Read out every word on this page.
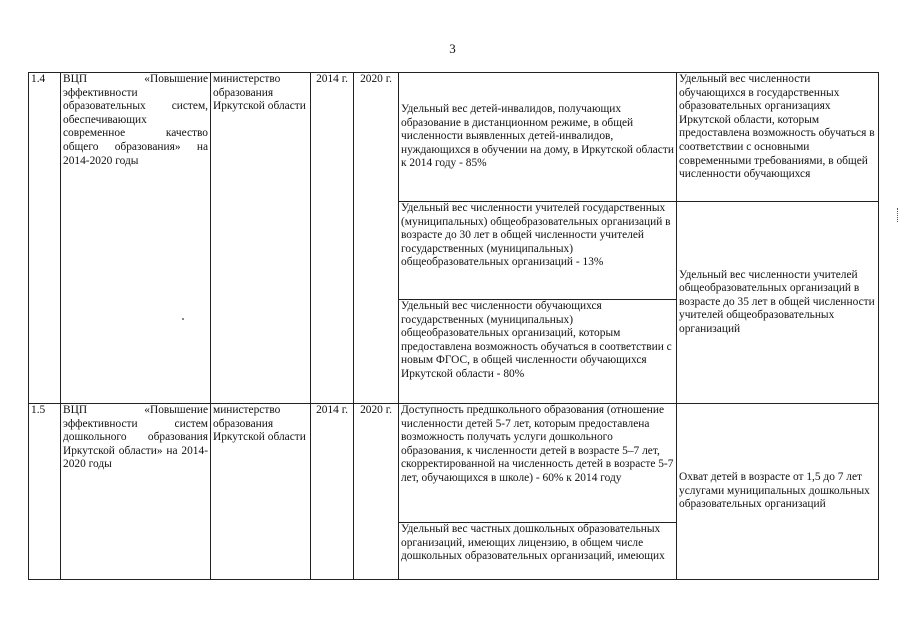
3
1.4	ВЦП «Повышение эффективности образовательных систем, обеспечивающих современное качество общего образования» на 2014-2020 годы	министерство образования Иркутской области	2014 г.	2020 г.	Удельный вес детей-инвалидов, получающих образование в дистанционном режиме, в общей численности выявленных детей-инвалидов, нуждающихся в обучении на дому, в Иркутской области к 2014 году - 85%	Удельный вес численности обучающихся в государственных образовательных организациях Иркутской области, которым предоставлена возможность обучаться в соответствии с основными современными требованиями, в общей численности обучающихся
					Удельный вес численности учителей государственных (муниципальных) общеобразовательных организаций в возрасте до 30 лет в общей численности учителей государственных (муниципальных) общеобразовательных организаций - 13%	Удельный вес численности учителей общеобразовательных организаций в возрасте до 35 лет в общей численности учителей общеобразовательных организаций
					Удельный вес численности обучающихся государственных (муниципальных) общеобразовательных организаций, которым предоставлена возможность обучаться в соответствии с новым ФГОС, в общей численности обучающихся Иркутской области - 80%	
1.5	ВЦП «Повышение эффективности систем дошкольного образования Иркутской области» на 2014-2020 годы	министерство образования Иркутской области	2014 г.	2020 г.	Доступность предшкольного образования (отношение численности детей 5-7 лет, которым предоставлена возможность получать услуги дошкольного образования, к численности детей в возрасте 5–7 лет, скорректированной на численность детей в возрасте 5-7 лет, обучающихся в школе) - 60% к 2014 году	Охват детей в возрасте от 1,5 до 7 лет услугами муниципальных дошкольных образовательных организаций
					Удельный вес частных дошкольных образовательных организаций, имеющих лицензию, в общем числе дошкольных образовательных организаций, имеющих	
